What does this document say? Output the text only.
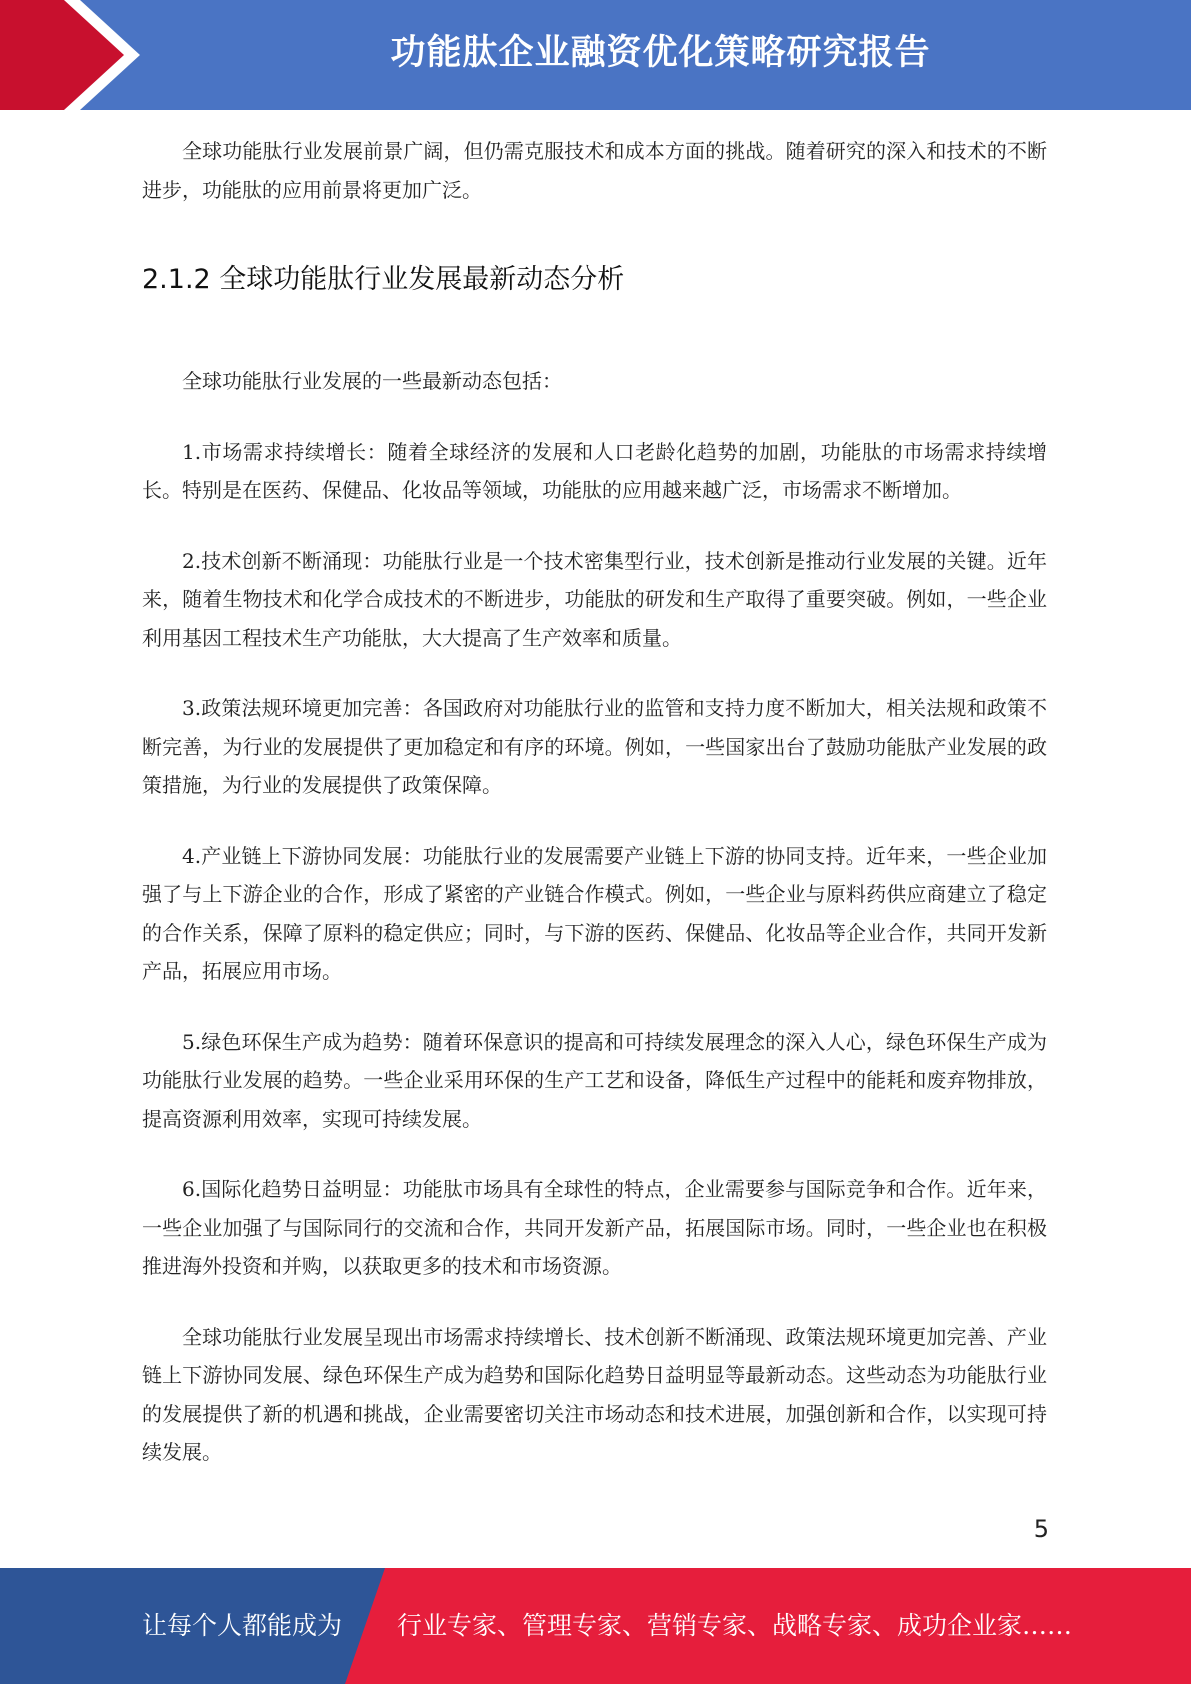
功能肽企业融资优化策略研究报告

全球功能肽行业发展前景广阔，但仍需克服技术和成本方面的挑战。随着研究的深入和技术的不断进步，功能肽的应用前景将更加广泛。

2.1.2 全球功能肽行业发展最新动态分析

全球功能肽行业发展的一些最新动态包括：

1.市场需求持续增长：随着全球经济的发展和人口老龄化趋势的加剧，功能肽的市场需求持续增长。特别是在医药、保健品、化妆品等领域，功能肽的应用越来越广泛，市场需求不断增加。

2.技术创新不断涌现：功能肽行业是一个技术密集型行业，技术创新是推动行业发展的关键。近年来，随着生物技术和化学合成技术的不断进步，功能肽的研发和生产取得了重要突破。例如，一些企业利用基因工程技术生产功能肽，大大提高了生产效率和质量。

3.政策法规环境更加完善：各国政府对功能肽行业的监管和支持力度不断加大，相关法规和政策不断完善，为行业的发展提供了更加稳定和有序的环境。例如，一些国家出台了鼓励功能肽产业发展的政策措施，为行业的发展提供了政策保障。

4.产业链上下游协同发展：功能肽行业的发展需要产业链上下游的协同支持。近年来，一些企业加强了与上下游企业的合作，形成了紧密的产业链合作模式。例如，一些企业与原料药供应商建立了稳定的合作关系，保障了原料的稳定供应；同时，与下游的医药、保健品、化妆品等企业合作，共同开发新产品，拓展应用市场。

5.绿色环保生产成为趋势：随着环保意识的提高和可持续发展理念的深入人心，绿色环保生产成为功能肽行业发展的趋势。一些企业采用环保的生产工艺和设备，降低生产过程中的能耗和废弃物排放，提高资源利用效率，实现可持续发展。

6.国际化趋势日益明显：功能肽市场具有全球性的特点，企业需要参与国际竞争和合作。近年来，一些企业加强了与国际同行的交流和合作，共同开发新产品，拓展国际市场。同时，一些企业也在积极推进海外投资和并购，以获取更多的技术和市场资源。

全球功能肽行业发展呈现出市场需求持续增长、技术创新不断涌现、政策法规环境更加完善、产业链上下游协同发展、绿色环保生产成为趋势和国际化趋势日益明显等最新动态。这些动态为功能肽行业的发展提供了新的机遇和挑战，企业需要密切关注市场动态和技术进展，加强创新和合作，以实现可持续发展。

5
让每个人都能成为 行业专家、管理专家、营销专家、战略专家、成功企业家……
